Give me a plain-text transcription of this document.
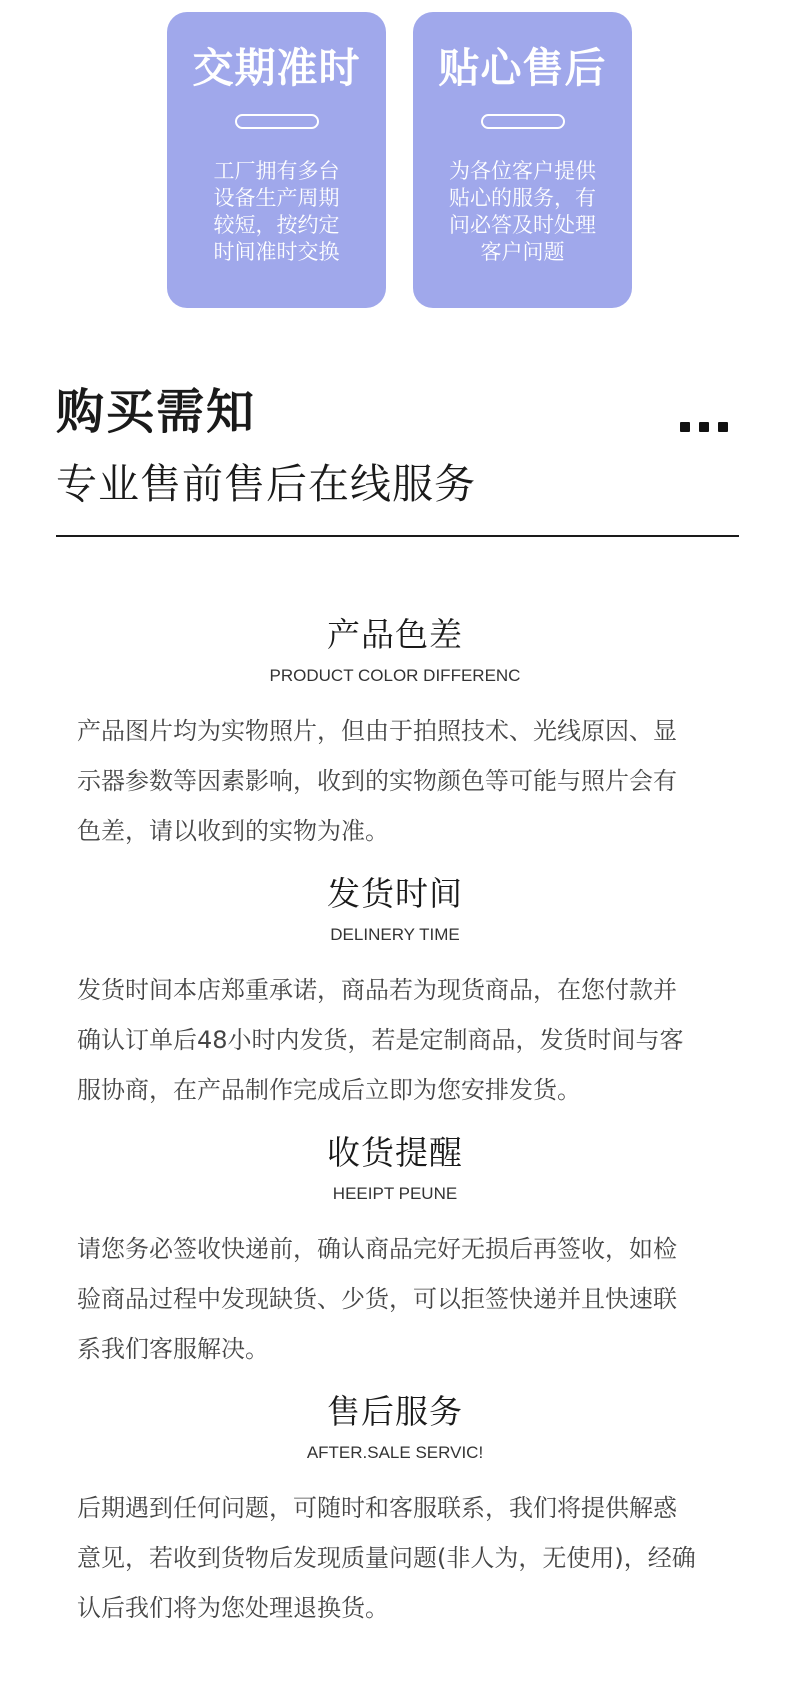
交期准时
工厂拥有多台
设备生产周期
较短，按约定
时间准时交换
贴心售后
为各位客户提供
贴心的服务，有
问必答及时处理
客户问题
购买需知
专业售前售后在线服务
产品色差
PRODUCT COLOR DIFFERENC
产品图片均为实物照片，但由于拍照技术、光线原因、显
示器参数等因素影响，收到的实物颜色等可能与照片会有
色差，请以收到的实物为准。
发货时间
DELINERY TIME
发货时间本店郑重承诺，商品若为现货商品，在您付款并
确认订单后48小时内发货，若是定制商品，发货时间与客
服协商，在产品制作完成后立即为您安排发货。
收货提醒
HEEIPT PEUNE
请您务必签收快递前，确认商品完好无损后再签收，如检
验商品过程中发现缺货、少货，可以拒签快递并且快速联
系我们客服解决。
售后服务
AFTER.SALE SERVIC!
后期遇到任何问题，可随时和客服联系，我们将提供解惑
意见，若收到货物后发现质量问题(非人为，无使用)，经确
认后我们将为您处理退换货。
